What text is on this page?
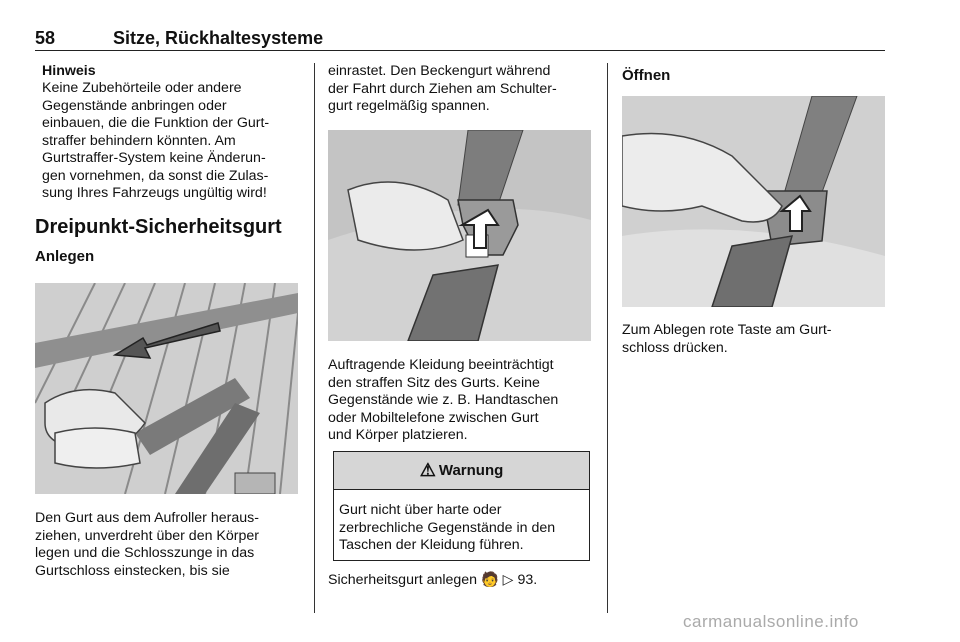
58	Sitze, Rückhaltesysteme
Hinweis

Keine Zubehörteile oder andere

Gegenstände anbringen oder

einbauen, die die Funktion der Gurt-

straffer behindern könnten. Am

Gurtstraffer-System keine Änderun-

gen vornehmen, da sonst die Zulas-

sung Ihres Fahrzeugs ungültig wird!

Dreipunkt-Sicherheitsgurt
Anlegen

Den Gurt aus dem Aufroller heraus-

ziehen, unverdreht über den Körper

legen und die Schlosszunge in das

Gurtschloss einstecken, bis sie

einrastet. Den Beckengurt während

der Fahrt durch Ziehen am Schulter-

gurt regelmäßig spannen.

Auftragende Kleidung beeinträchtigt

den straffen Sitz des Gurts. Keine

Gegenstände wie z. B. Handtaschen

oder Mobiltelefone zwischen Gurt

und Körper platzieren.

⚠ Warnung

Gurt nicht über harte oder

zerbrechliche Gegenstände in den

Taschen der Kleidung führen.

Sicherheitsgurt anlegen 🧑 ▷ 93.

Öffnen

Zum Ablegen rote Taste am Gurt-

schloss drücken.

carmanualsonline.info
